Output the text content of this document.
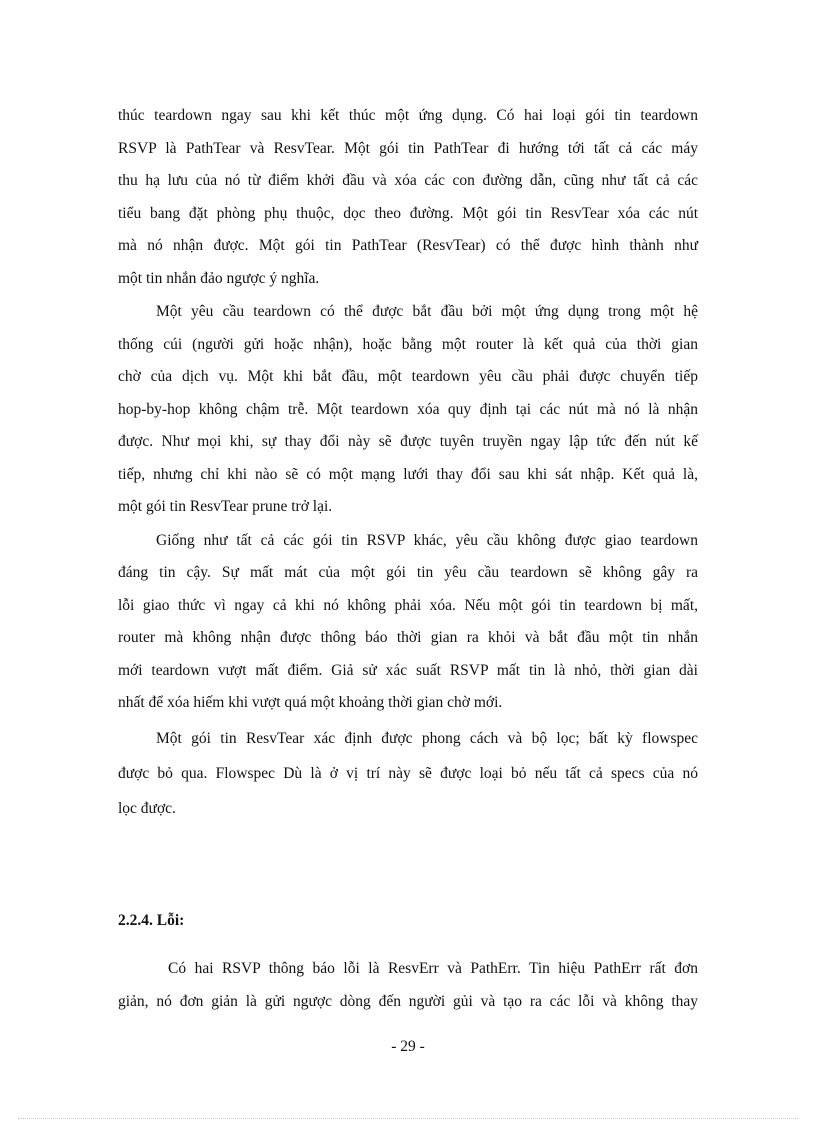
thúc teardown ngay sau khi kết thúc một ứng dụng. Có hai loại gói tin teardown
RSVP là PathTear và ResvTear. Một gói tin PathTear đi hướng tới tất cả các máy
thu hạ lưu của nó từ điểm khởi đầu và xóa các con đường dẫn, cũng như tất cả các
tiểu bang đặt phòng phụ thuộc, dọc theo đường. Một gói tin ResvTear xóa các nút
mà nó nhận được. Một gói tin PathTear (ResvTear) có thể được hình thành như
một tin nhắn đảo ngược ý nghĩa.

Một yêu cầu teardown có thể được bắt đầu bởi một ứng dụng trong một hệ
thống cúi (người gửi hoặc nhận), hoặc bằng một router là kết quả của thời gian
chờ của dịch vụ. Một khi bắt đầu, một teardown yêu cầu phải được chuyển tiếp
hop-by-hop không chậm trễ. Một teardown xóa quy định tại các nút mà nó là nhận
được. Như mọi khi, sự thay đổi này sẽ được tuyên truyền ngay lập tức đến nút kế
tiếp, nhưng chỉ khi nào sẽ có một mạng lưới thay đổi sau khi sát nhập. Kết quả là,
một gói tin ResvTear prune trở lại.

Giống như tất cả các gói tin RSVP khác, yêu cầu không được giao teardown
đáng tin cậy. Sự mất mát của một gói tin yêu cầu teardown sẽ không gây ra
lỗi giao thức vì ngay cả khi nó không phải xóa. Nếu một gói tin teardown bị mất,
router mà không nhận được thông báo thời gian ra khỏi và bắt đầu một tin nhắn
mới teardown vượt mất điểm. Giả sử xác suất RSVP mất tin là nhỏ, thời gian dài
nhất để xóa hiếm khi vượt quá một khoảng thời gian chờ mới.

Một gói tin ResvTear xác định được phong cách và bộ lọc; bất kỳ flowspec
được bỏ qua. Flowspec Dù là ở vị trí này sẽ được loại bỏ nếu tất cả specs của nó
lọc được.

2.2.4. Lỗi:

Có hai RSVP thông báo lỗi là ResvErr và PathErr. Tin hiệu PathErr rất đơn
giản, nó đơn giản là gửi ngược dòng đến người gủi và tạo ra các lỗi và không thay

- 29 -
